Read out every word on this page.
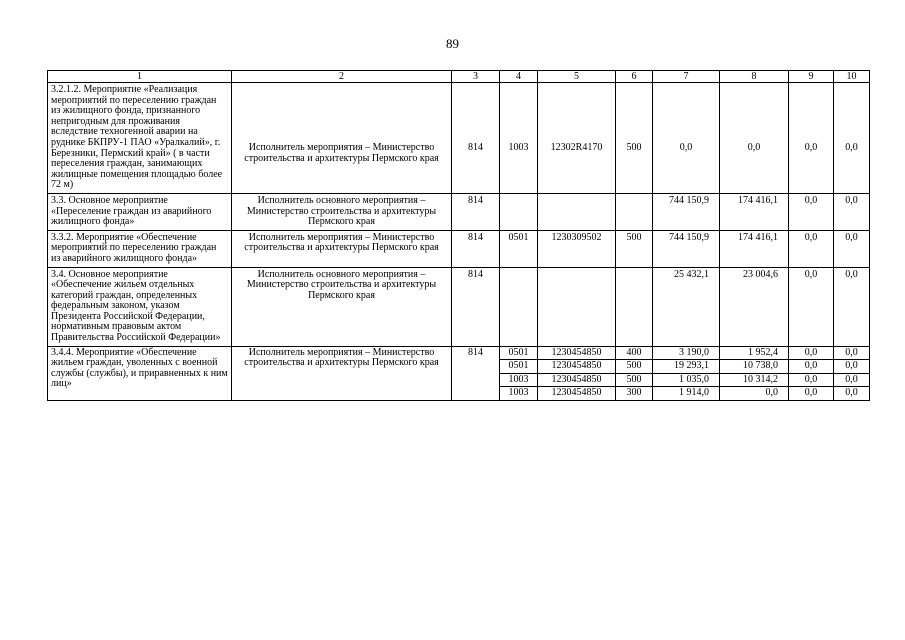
89
1	2	3	4	5	6	7	8	9	10
3.2.1.2. Мероприятие «Реализация мероприятий по переселению граждан из жилищного фонда, признанного непригодным для проживания вследствие техногенной аварии на руднике БКПРУ-1 ПАО «Уралкалий», г. Березники, Пермский край» ( в части переселения граждан, занимающих жилищные помещения площадью более 72 м)	Исполнитель мероприятия – Министерство строительства и архитектуры Пермского края	814	1003	12302R4170	500	0,0	0,0	0,0	0,0
3.3. Основное мероприятие «Переселение граждан из аварийного жилищного фонда»	Исполнитель основного мероприятия – Министерство строительства и архитектуры Пермского края	814				744 150,9	174 416,1	0,0	0,0
3.3.2. Мероприятие «Обеспечение мероприятий по переселению граждан из аварийного жилищного фонда»	Исполнитель мероприятия – Министерство строительства и архитектуры Пермского края	814	0501	1230309502	500	744 150,9	174 416,1	0,0	0,0
3.4. Основное мероприятие «Обеспечение жильем отдельных категорий граждан, определенных федеральным законом, указом Президента Российской Федерации, нормативным правовым актом Правительства Российской Федерации»	Исполнитель основного мероприятия – Министерство строительства и архитектуры Пермского края	814				25 432,1	23 004,6	0,0	0,0
3.4.4. Мероприятие «Обеспечение жильем граждан, уволенных с военной службы (службы), и приравненных к ним лиц»	Исполнитель мероприятия – Министерство строительства и архитектуры Пермского края	814	0501	1230454850	400	3 190,0	1 952,4	0,0	0,0
			0501	1230454850	500	19 293,1	10 738,0	0,0	0,0
			1003	1230454850	500	1 035,0	10 314,2	0,0	0,0
			1003	1230454850	300	1 914,0	0,0	0,0	0,0
